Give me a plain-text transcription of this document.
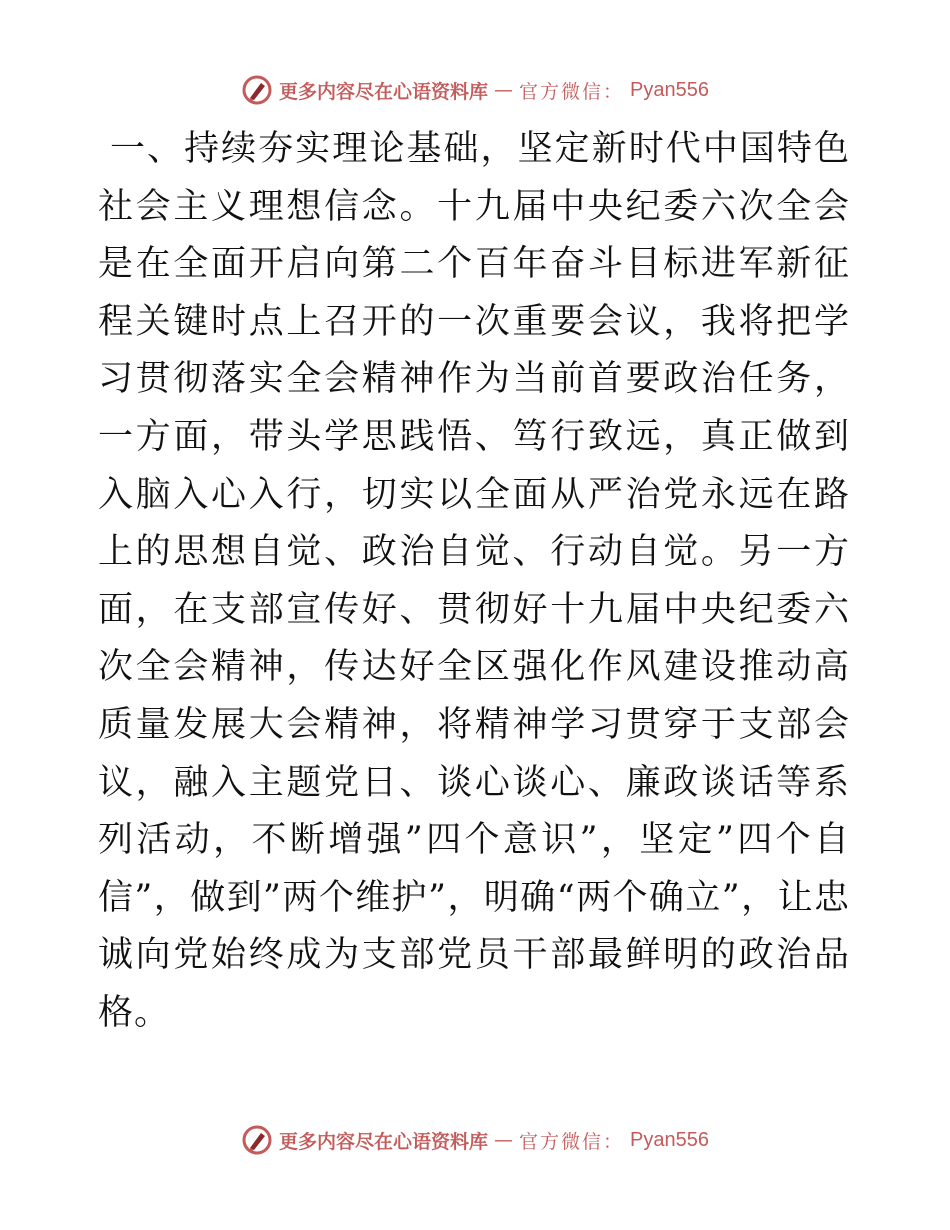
更多内容尽在心语资料库 — 官方微信： Pyan556

一、持续夯实理论基础，坚定新时代中国特色社会主义理想信念。十九届中央纪委六次全会是在全面开启向第二个百年奋斗目标进军新征程关键时点上召开的一次重要会议，我将把学习贯彻落实全会精神作为当前首要政治任务，一方面，带头学思践悟、笃行致远，真正做到入脑入心入行，切实以全面从严治党永远在路上的思想自觉、政治自觉、行动自觉。另一方面，在支部宣传好、贯彻好十九届中央纪委六次全会精神，传达好全区强化作风建设推动高质量发展大会精神，将精神学习贯穿于支部会议，融入主题党日、谈心谈心、廉政谈话等系列活动，不断增强”四个意识”，坚定”四个自信”，做到”两个维护”，明确“两个确立”，让忠诚向党始终成为支部党员干部最鲜明的政治品格。

更多内容尽在心语资料库 — 官方微信： Pyan556
